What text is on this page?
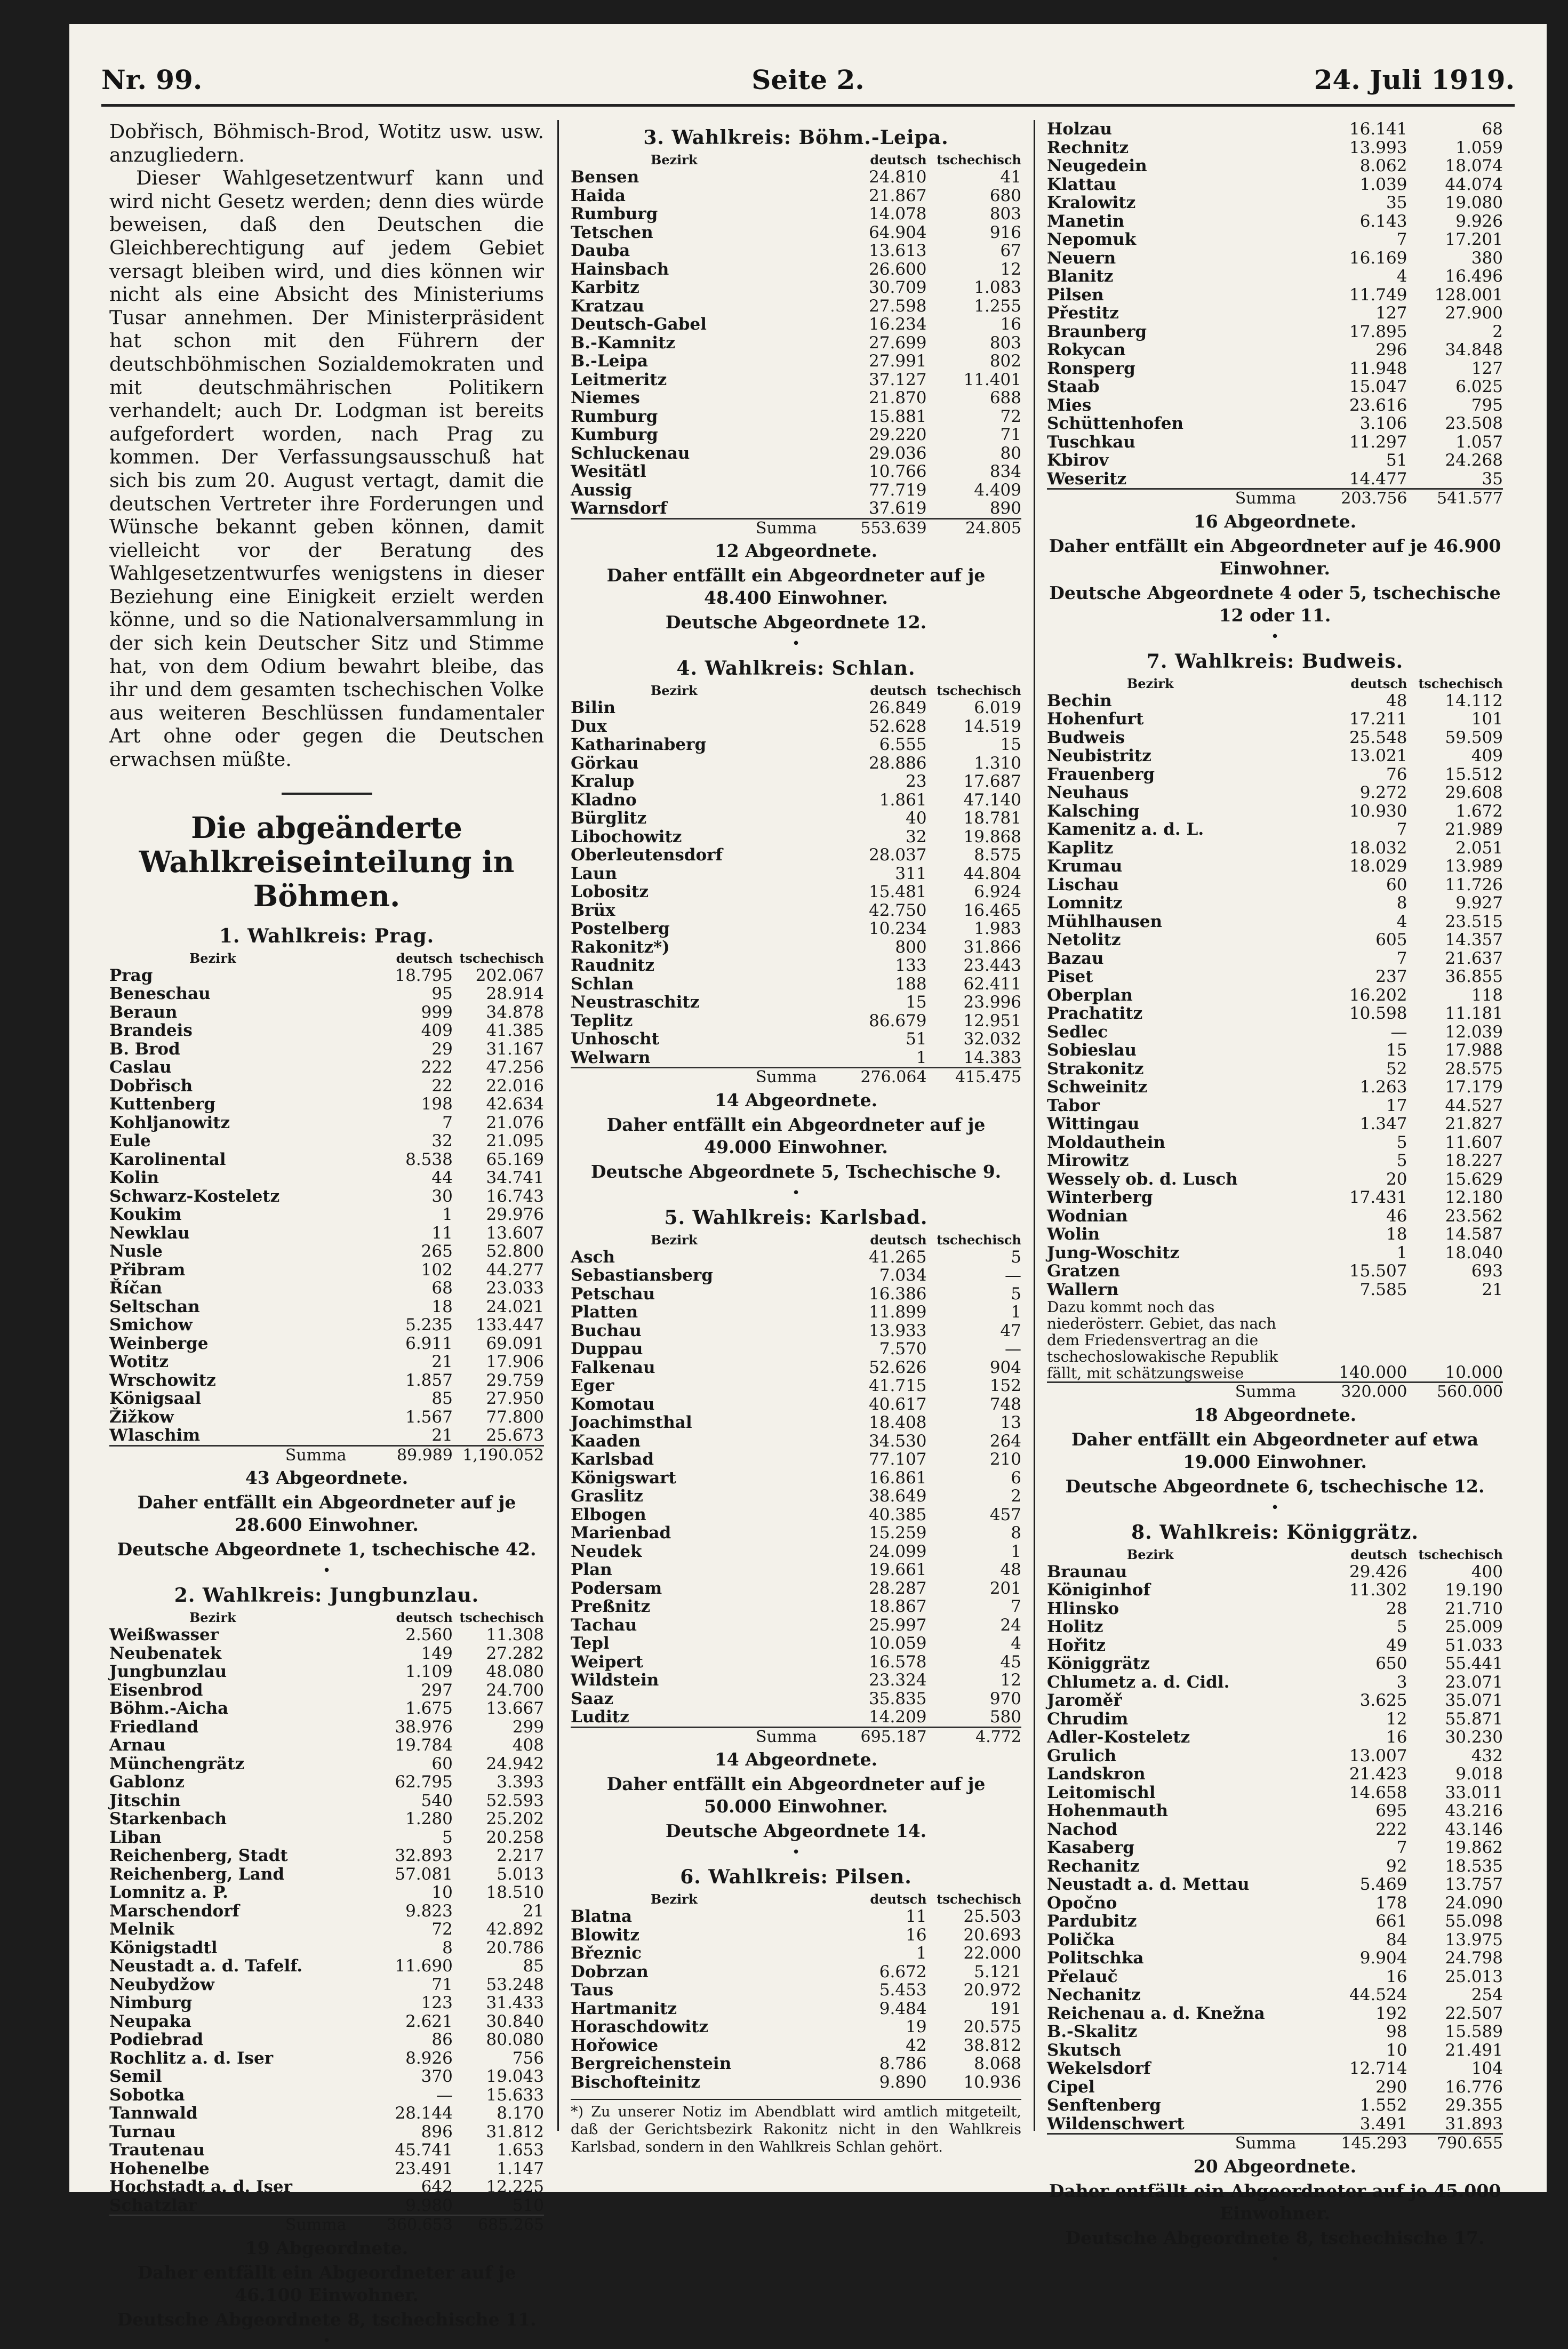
Nr. 99.	Seite 2.	24. Juli 1919.

Dobřisch, Böhmisch-Brod, Wotitz usw. usw. anzugliedern.

Dieser Wahlgesetzentwurf kann und wird nicht Gesetz werden; denn dies würde beweisen, daß den Deutschen die Gleichberechtigung auf jedem Gebiet versagt bleiben wird, und dies können wir nicht als eine Absicht des Ministeriums Tusar annehmen. Der Ministerpräsident hat schon mit den Führern der deutschböhmischen Sozialdemokraten und mit deutschmährischen Politikern verhandelt; auch Dr. Lodgman ist bereits aufgefordert worden, nach Prag zu kommen. Der Verfassungsausschuß hat sich bis zum 20. August vertagt, damit die deutschen Vertreter ihre Forderungen und Wünsche bekannt geben können, damit vielleicht vor der Beratung des Wahlgesetzentwurfes wenigstens in dieser Beziehung eine Einigkeit erzielt werden könne, und so die Nationalversammlung in der sich kein Deutscher Sitz und Stimme hat, von dem Odium bewahrt bleibe, das ihr und dem gesamten tschechischen Volke aus weiteren Beschlüssen fundamentaler Art ohne oder gegen die Deutschen erwachsen müßte.

Die abgeänderte Wahlkreiseinteilung in Böhmen.
1. Wahlkreis: Prag.
Bezirk	deutsch	tschechisch
Prag	18.795	202.067
Beneschau	95	28.914
Beraun	999	34.878
Brandeis	409	41.385
B. Brod	29	31.167
Caslau	222	47.256
Dobřisch	22	22.016
Kuttenberg	198	42.634
Kohljanowitz	7	21.076
Eule	32	21.095
Karolinental	8.538	65.169
Kolin	44	34.741
Schwarz-Kosteletz	30	16.743
Koukim	1	29.976
Newklau	11	13.607
Nusle	265	52.800
Přibram	102	44.277
Říčan	68	23.033
Seltschan	18	24.021
Smichow	5.235	133.447
Weinberge	6.911	69.091
Wotitz	21	17.906
Wrschowitz	1.857	29.759
Königsaal	85	27.950
Žižkow	1.567	77.800
Wlaschim	21	25.673
Summa	89.989	1,190.052
43 Abgeordnete.
Daher entfällt ein Abgeordneter auf je 28.600 Einwohner.
Deutsche Abgeordnete 1, tschechische 42.
•
2. Wahlkreis: Jungbunzlau.
Bezirk	deutsch	tschechisch
Weißwasser	2.560	11.308
Neubenatek	149	27.282
Jungbunzlau	1.109	48.080
Eisenbrod	297	24.700
Böhm.-Aicha	1.675	13.667
Friedland	38.976	299
Arnau	19.784	408
Münchengrätz	60	24.942
Gablonz	62.795	3.393
Jitschin	540	52.593
Starkenbach	1.280	25.202
Liban	5	20.258
Reichenberg, Stadt	32.893	2.217
Reichenberg, Land	57.081	5.013
Lomnitz a. P.	10	18.510
Marschendorf	9.823	21
Melnik	72	42.892
Königstadtl	8	20.786
Neustadt a. d. Tafelf.	11.690	85
Neubydžow	71	53.248
Nimburg	123	31.433
Neupaka	2.621	30.840
Podiebrad	86	80.080
Rochlitz a. d. Iser	8.926	756
Semil	370	19.043
Sobotka	—	15.633
Tannwald	28.144	8.170
Turnau	896	31.812
Trautenau	45.741	1.653
Hohenelbe	23.491	1.147
Hochstadt a. d. Iser	642	12.225
Schatzlar	9.980	510
Summa	360.653	685.265
19 Abgeordnete.
Daher entfällt ein Abgeordneter auf je 46.100 Einwohner.
Deutsche Abgeordnete 8, tschechische 11.
•
3. Wahlkreis: Böhm.-Leipa.
Bezirk	deutsch	tschechisch
Bensen	24.810	41
Haida	21.867	680
Rumburg	14.078	803
Tetschen	64.904	916
Dauba	13.613	67
Hainsbach	26.600	12
Karbitz	30.709	1.083
Kratzau	27.598	1.255
Deutsch-Gabel	16.234	16
B.-Kamnitz	27.699	803
B.-Leipa	27.991	802
Leitmeritz	37.127	11.401
Niemes	21.870	688
Rumburg	15.881	72
Kumburg	29.220	71
Schluckenau	29.036	80
Wesitätl	10.766	834
Aussig	77.719	4.409
Warnsdorf	37.619	890
Summa	553.639	24.805
12 Abgeordnete.
Daher entfällt ein Abgeordneter auf je 48.400 Einwohner.
Deutsche Abgeordnete 12.
•
4. Wahlkreis: Schlan.
Bezirk	deutsch	tschechisch
Bilin	26.849	6.019
Dux	52.628	14.519
Katharinaberg	6.555	15
Görkau	28.886	1.310
Kralup	23	17.687
Kladno	1.861	47.140
Bürglitz	40	18.781
Libochowitz	32	19.868
Oberleutensdorf	28.037	8.575
Laun	311	44.804
Lobositz	15.481	6.924
Brüx	42.750	16.465
Postelberg	10.234	1.983
Rakonitz*)	800	31.866
Raudnitz	133	23.443
Schlan	188	62.411
Neustraschitz	15	23.996
Teplitz	86.679	12.951
Unhoscht	51	32.032
Welwarn	1	14.383
Summa	276.064	415.475
14 Abgeordnete.
Daher entfällt ein Abgeordneter auf je 49.000 Einwohner.
Deutsche Abgeordnete 5, Tschechische 9.
•
5. Wahlkreis: Karlsbad.
Bezirk	deutsch	tschechisch
Asch	41.265	5
Sebastiansberg	7.034	—
Petschau	16.386	5
Platten	11.899	1
Buchau	13.933	47
Duppau	7.570	—
Falkenau	52.626	904
Eger	41.715	152
Komotau	40.617	748
Joachimsthal	18.408	13
Kaaden	34.530	264
Karlsbad	77.107	210
Königswart	16.861	6
Graslitz	38.649	2
Elbogen	40.385	457
Marienbad	15.259	8
Neudek	24.099	1
Plan	19.661	48
Podersam	28.287	201
Preßnitz	18.867	7
Tachau	25.997	24
Tepl	10.059	4
Weipert	16.578	45
Wildstein	23.324	12
Saaz	35.835	970
Luditz	14.209	580
Summa	695.187	4.772
14 Abgeordnete.
Daher entfällt ein Abgeordneter auf je 50.000 Einwohner.
Deutsche Abgeordnete 14.
•
6. Wahlkreis: Pilsen.
Bezirk	deutsch	tschechisch
Blatna	11	25.503
Blowitz	16	20.693
Březnic	1	22.000
Dobrzan	6.672	5.121
Taus	5.453	20.972
Hartmanitz	9.484	191
Horaschdowitz	19	20.575
Hořowice	42	38.812
Bergreichenstein	8.786	8.068
Bischofteinitz	9.890	10.936

*) Zu unserer Notiz im Abendblatt wird amtlich mitgeteilt, daß der Gerichtsbezirk Rakonitz nicht in den Wahlkreis Karlsbad, sondern in den Wahlkreis Schlan gehört.

Holzau	16.141	68
Rechnitz	13.993	1.059
Neugedein	8.062	18.074
Klattau	1.039	44.074
Kralowitz	35	19.080
Manetin	6.143	9.926
Nepomuk	7	17.201
Neuern	16.169	380
Blanitz	4	16.496
Pilsen	11.749	128.001
Přestitz	127	27.900
Braunberg	17.895	2
Rokycan	296	34.848
Ronsperg	11.948	127
Staab	15.047	6.025
Mies	23.616	795
Schüttenhofen	3.106	23.508
Tuschkau	11.297	1.057
Kbirov	51	24.268
Weseritz	14.477	35
Summa	203.756	541.577
16 Abgeordnete.
Daher entfällt ein Abgeordneter auf je 46.900 Einwohner.
Deutsche Abgeordnete 4 oder 5, tschechische 12 oder 11.
•
7. Wahlkreis: Budweis.
Bezirk	deutsch	tschechisch
Bechin	48	14.112
Hohenfurt	17.211	101
Budweis	25.548	59.509
Neubistritz	13.021	409
Frauenberg	76	15.512
Neuhaus	9.272	29.608
Kalsching	10.930	1.672
Kamenitz a. d. L.	7	21.989
Kaplitz	18.032	2.051
Krumau	18.029	13.989
Lischau	60	11.726
Lomnitz	8	9.927
Mühlhausen	4	23.515
Netolitz	605	14.357
Bazau	7	21.637
Piset	237	36.855
Oberplan	16.202	118
Prachatitz	10.598	11.181
Sedlec	—	12.039
Sobieslau	15	17.988
Strakonitz	52	28.575
Schweinitz	1.263	17.179
Tabor	17	44.527
Wittingau	1.347	21.827
Moldauthein	5	11.607
Mirowitz	5	18.227
Wessely ob. d. Lusch	20	15.629
Winterberg	17.431	12.180
Wodnian	46	23.562
Wolin	18	14.587
Jung-Woschitz	1	18.040
Gratzen	15.507	693
Wallern	7.585	21
Dazu kommt noch das niederösterr. Gebiet, das nach dem Friedensvertrag an die tschechoslowakische Republik fällt, mit schätzungsweise	140.000	10.000
Summa	320.000	560.000
18 Abgeordnete.
Daher entfällt ein Abgeordneter auf etwa 19.000 Einwohner.
Deutsche Abgeordnete 6, tschechische 12.
•
8. Wahlkreis: Königgrätz.
Bezirk	deutsch	tschechisch
Braunau	29.426	400
Königinhof	11.302	19.190
Hlinsko	28	21.710
Holitz	5	25.009
Hořitz	49	51.033
Königgrätz	650	55.441
Chlumetz a. d. Cidl.	3	23.071
Jaroměř	3.625	35.071
Chrudim	12	55.871
Adler-Kosteletz	16	30.230
Grulich	13.007	432
Landskron	21.423	9.018
Leitomischl	14.658	33.011
Hohenmauth	695	43.216
Nachod	222	43.146
Kasaberg	7	19.862
Rechanitz	92	18.535
Neustadt a. d. Mettau	5.469	13.757
Opočno	178	24.090
Pardubitz	661	55.098
Polička	84	13.975
Politschka	9.904	24.798
Přelauč	16	25.013
Nechanitz	44.524	254
Reichenau a. d. Knežna	192	22.507
B.-Skalitz	98	15.589
Skutsch	10	21.491
Wekelsdorf	12.714	104
Cipel	290	16.776
Senftenberg	1.552	29.355
Wildenschwert	3.491	31.893
Summa	145.293	790.655
20 Abgeordnete.
Daher entfällt ein Abgeordneter auf je 45.000 Einwohner.
Deutsche Abgeordnete 8, tschechische 17.
•
